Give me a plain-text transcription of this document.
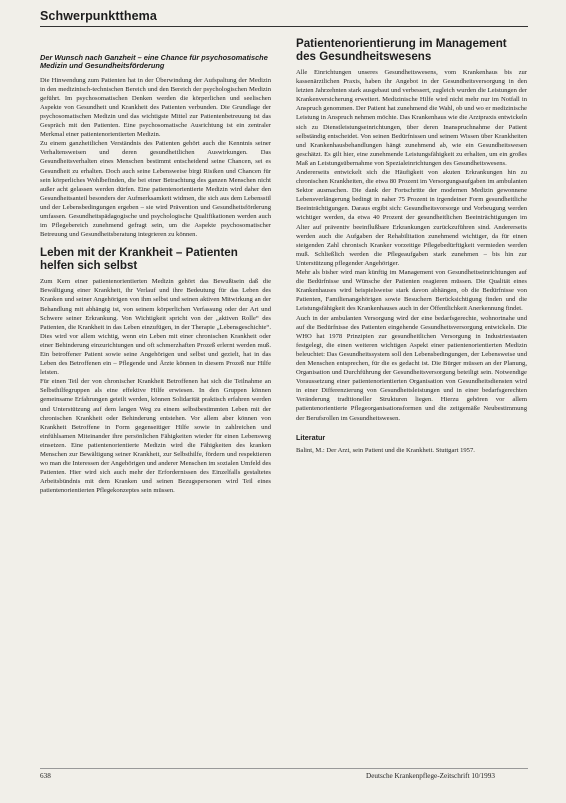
Schwerpunktthema
Der Wunsch nach Ganzheit – eine Chance für psychosomatische Medizin und Gesundheitsförderung

Die Hinwendung zum Patienten hat in der Überwindung der Aufspaltung der Medizin in den medizinisch-technischen Bereich und den Bereich der psychologischen Medizin geführt. Im psychosomatischen Denken werden die körperlichen und seelischen Aspekte von Gesundheit und Krankheit des Patienten verbunden. Die Grundlage der psychosomatischen Medizin und das wichtigste Mittel zur Patientenbetreuung ist das Gespräch mit den Patienten. Eine psychosomatische Ausrichtung ist ein zentraler Merkmal einer patientenorientierten Medizin.

Zu einem ganzheitlichen Verständnis des Patienten gehört auch die Kenntnis seiner Verhaltensweisen und deren gesundheitlichen Auswirkungen. Das Gesundheitsverhalten eines Menschen bestimmt entscheidend seine Chancen, sei es Gesundheit zu erhalten. Doch auch seine Lebensweise birgt Risiken und Chancen für sein körperliches Wohlbefinden, die bei einer Betrachtung des ganzen Menschen nicht außer acht gelassen werden dürfen. Eine patientenorientierte Medizin wird daher den Gesundheitsanteil besonders der Aufmerksamkeit widmen, die sich aus dem Lebensstil und der Lebensbedingungen ergeben – sie wird Prävention und Gesundheitsförderung umfassen. Gesundheitspädagogische und psychologische Qualifikationen werden auch im Pflegebereich zunehmend gefragt sein, um die Aspekte psychosomatischer Betreuung und Gesundheitsberatung integrieren zu können.

Leben mit der Krankheit – Patienten helfen sich selbst

Zum Kern einer patientenorientierten Medizin gehört das Bewußtsein daß die Bewältigung einer Krankheit, ihr Verlauf und ihre Bedeutung für das Leben des Kranken und seiner Angehörigen von ihm selbst und seinen aktiven Mitwirkung an der Behandlung mit abhängig ist, von seinem körperlichen Verfassung oder der Art und Schwere seiner Erkrankung. Von Wichtigkeit spricht von der „aktiven Rolle“ des Patienten, die Krankheit in das Leben einzufügen, in der Therapie „Lebensgeschichte“. Dies wird vor allem wichtig, wenn ein Leben mit einer chronischen Krankheit oder einer Behinderung einzurichtungen und oft schmerzhaften Prozeß erlernt werden muß. Ein betroffener Patient sowie seine Angehörigen und selbst und gezielt, hat in das Leben des Betroffenen ein – Pflegende und Ärzte können in diesem Prozeß nur Hilfe leisten.

Für einen Teil der von chronischer Krankheit Betroffenen hat sich die Teilnahme an Selbsthilfegruppen als eine effektive Hilfe erwiesen. In den Gruppen können gemeinsame Erfahrungen geteilt werden, können Solidarität praktisch erfahren werden und Unterstützung auf dem langen Weg zu einem selbstbestimmten Leben mit der chronischen Krankheit oder Behinderung entstehen. Vor allem aber können von Krankheit Betroffene in Form gegenseitiger Hilfe sowie in zahlreichen und einfühlsamen Miteinander ihre persönlichen Fähigkeiten wieder für einen Lebensweg einsetzen. Eine patientenorientierte Medizin wird die Fähigkeiten des kranken Menschen zur Bewältigung seiner Krankheit, zur Selbsthilfe, fördern und respektieren wo man die Interessen der Angehörigen und anderer Menschen im sozialen Umfeld des Patienten. Hier wird sich auch mehr der Erfordernissen des Einzelfalls gestaltetes Arbeitsbündnis mit dem Kranken und seinen Bezugspersonen wird Teil eines patientenorientierten Pflegekonzeptes sein müssen.

Patientenorientierung im Management des Gesundheitswesens

Alle Einrichtungen unseres Gesundheitswesens, vom Krankenhaus bis zur kassenärztlichen Praxis, haben ihr Angebot in der Gesundheitsversorgung in den letzten Jahrzehnten stark ausgebaut und verbessert, zugleich wurden die Leistungen der Krankenversicherung erweitert. Medizinische Hilfe wird nicht mehr nur im Notfall in Anspruch genommen. Der Patient hat zunehmend die Wahl, ob und wo er medizinische Leistung in Anspruch nehmen möchte. Das Krankenhaus wie die Arztpraxis entwickeln sich zu Dienstleistungseinrichtungen, über deren Inanspruchnahme der Patient selbständig entscheidet. Von seinen Bedürfnissen und seinem Wissen über Krankheiten und Krankenhausbehandlungen hängt zunehmend ab, wie ein Gesundheitswesen geschätzt. Es gilt hier, eine zunehmende Leistungsfähigkeit zu erhalten, um ein großes Maß an Leistungsübernahme von Spezialeinrichtungen des Gesundheitswesens.

Andererseits entwickelt sich die Häufigkeit von akuten Erkrankungen hin zu chronischen Krankheiten, die etwa 80 Prozent im Versorgungsaufgaben im ambulanten Sektor ausmachen. Die dank der Fortschritte der modernen Medizin gewonnene Lebensverlängerung bedingt in naher 75 Prozent in irgendeiner Form gesundheitliche Beeinträchtigungen. Daraus ergibt sich: Gesundheitsvorsorge und Vorbeugung werden wichtiger werden, da etwa 40 Prozent der gesundheitlichen Beeinträchtigungen im Alter auf präventiv beeinflußbare Erkrankungen zurückzuführen sind. Andererseits werden auch die Aufgaben der Rehabilitation zunehmend wichtiger, da für einen steigenden Zahl chronisch Kranker vorzeitige Pflegebedürftigkeit vermieden werden muß. Schließlich werden die Pflegeaufgaben stark zunehmen – bis hin zur Unterstützung pflegender Angehöriger.

Mehr als bisher wird man künftig im Management von Gesundheitseinrichtungen auf die Bedürfnisse und Wünsche der Patienten reagieren müssen. Die Qualität eines Krankenhauses wird beispielsweise stark davon abhängen, ob die Bedürfnisse von Patienten, Familienangehörigen sowie Besuchern Berücksichtigung finden und die Leistungsfähigkeit des Krankenhauses auch in der Öffentlichkeit Anerkennung findet.

Auch in der ambulanten Versorgung wird der eine bedarfsgerechte, wohnortnahe und auf die Bedürfnisse des Patienten eingehende Gesundheitsversorgung entwickeln. Die WHO hat 1978 Prinzipien zur gesundheitlichen Versorgung in Industriestaaten festgelegt, die einen weiteren wichtigen Aspekt einer patientenorientierten Medizin beleuchtet: Das Gesundheitssystem soll den Lebensbedingungen, der Lebensweise und den Menschen entsprechen, für die es gedacht ist. Die Bürger müssen an der Planung, Organisation und Durchführung der Gesundheitsversorgung beteiligt sein. Notwendige Voraussetzung einer patientenorientierten Organisation von Gesundheitsdiensten wird in einer Differenzierung von Gesundheitsleistungen und in einer bedarfsgerechten Veränderung traditioneller Strukturen liegen. Hierzu gehören vor allem patientenorientierte Pflegeorganisationsformen und die zeitgemäße Neubestimmung der Berufsrollen im Gesundheitswesen.

Literatur

Balint, M.: Der Arzt, sein Patient und die Krankheit. Stuttgart 1957.

638	Deutsche Krankenpflege-Zeitschrift 10/1993
